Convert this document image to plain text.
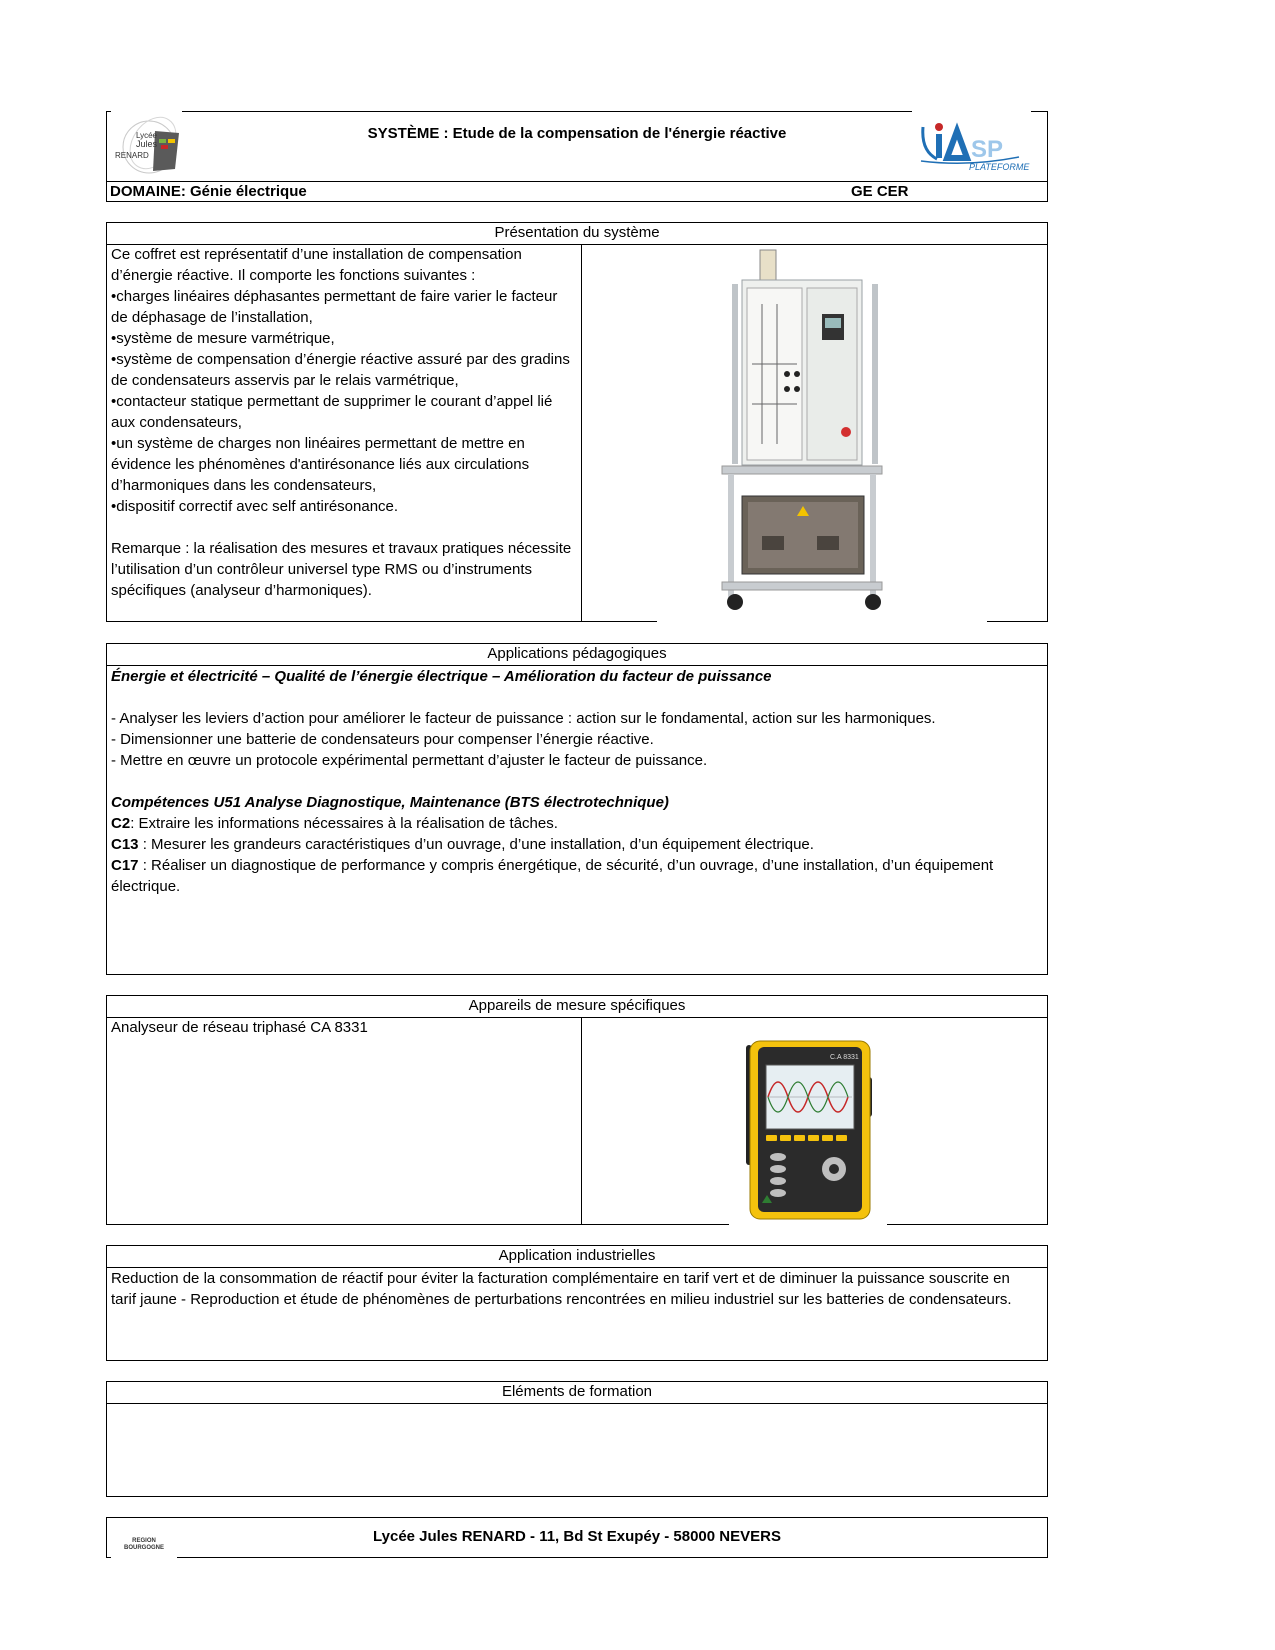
Lycée
Jules
RENARD
SYSTÈME : Etude de la compensation de l'énergie réactive
SP
PLATEFORME
DOMAINE: Génie électrique	GE CER
Présentation du système
Ce coffret est représentatif d’une installation de compensation
d’énergie réactive. Il comporte les fonctions suivantes :
•charges linéaires déphasantes permettant de faire varier le facteur
de déphasage de l’installation,
•système de mesure varmétrique,
•système de compensation d’énergie réactive assuré par des gradins
de condensateurs asservis par le relais varmétrique,
•contacteur statique permettant de supprimer le courant d’appel lié
aux condensateurs,
•un système de charges non linéaires permettant de mettre en
évidence les phénomènes d'antirésonance liés aux circulations
d’harmoniques dans les condensateurs,
•dispositif correctif avec self antirésonance.
Remarque : la réalisation des mesures et travaux pratiques nécessite
l’utilisation d’un contrôleur universel type RMS ou d’instruments
spécifiques (analyseur d’harmoniques).
Applications pédagogiques
Énergie et électricité – Qualité de l’énergie électrique – Amélioration du facteur de puissance
- Analyser les leviers d’action pour améliorer le facteur de puissance : action sur le fondamental, action sur les harmoniques.
- Dimensionner une batterie de condensateurs pour compenser l’énergie réactive.
- Mettre en œuvre un protocole expérimental permettant d’ajuster le facteur de puissance.
Compétences U51 Analyse Diagnostique, Maintenance (BTS électrotechnique)
C2: Extraire les informations nécessaires à la réalisation de tâches.
C13 : Mesurer les grandeurs caractéristiques d’un ouvrage, d’une installation, d’un équipement électrique.
C17 : Réaliser un diagnostique de performance y compris énergétique, de sécurité, d’un ouvrage, d’une installation, d’un équipement
électrique.
Appareils de mesure spécifiques
Analyseur de réseau triphasé CA 8331
C.A 8331
Application industrielles
Reduction de la consommation de réactif pour éviter la facturation complémentaire en tarif vert et de diminuer la puissance souscrite en
tarif jaune - Reproduction et étude de phénomènes de perturbations rencontrées en milieu industriel sur les batteries de condensateurs.
Eléments de formation
REGION
BOURGOGNE
Lycée Jules RENARD - 11, Bd St Exupéy - 58000 NEVERS
